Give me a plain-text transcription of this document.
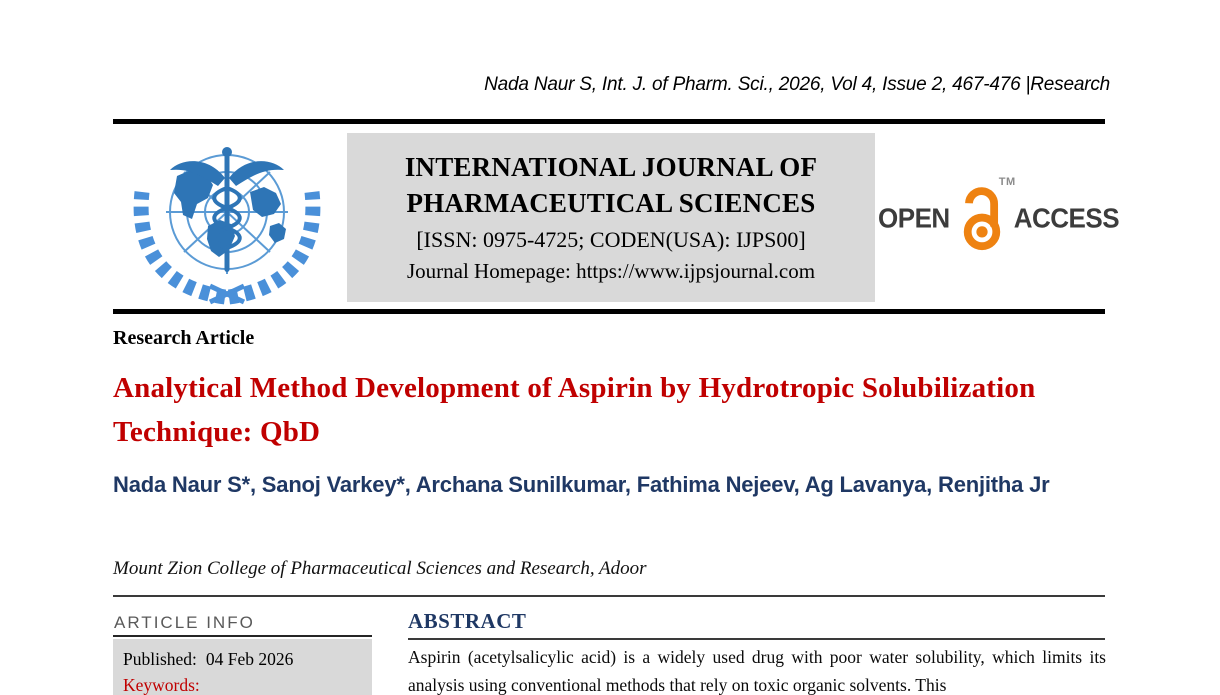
Nada Naur S, Int. J. of Pharm. Sci., 2026, Vol 4, Issue 2, 467-476 |Research
INTERNATIONAL JOURNAL OF
PHARMACEUTICAL SCIENCES
[ISSN: 0975-4725; CODEN(USA): IJPS00]
Journal Homepage: https://www.ijpsjournal.com
OPEN
TM
ACCESS
Research Article
Analytical Method Development of Aspirin by Hydrotropic Solubilization Technique: QbD
Nada Naur S*, Sanoj Varkey*, Archana Sunilkumar, Fathima Nejeev, Ag Lavanya, Renjitha Jr
Mount Zion College of Pharmaceutical Sciences and Research, Adoor
ARTICLE INFO
Published: 04 Feb 2026
Keywords:
ABSTRACT
Aspirin (acetylsalicylic acid) is a widely used drug with poor water solubility, which limits its analysis using conventional methods that rely on toxic organic solvents. This
